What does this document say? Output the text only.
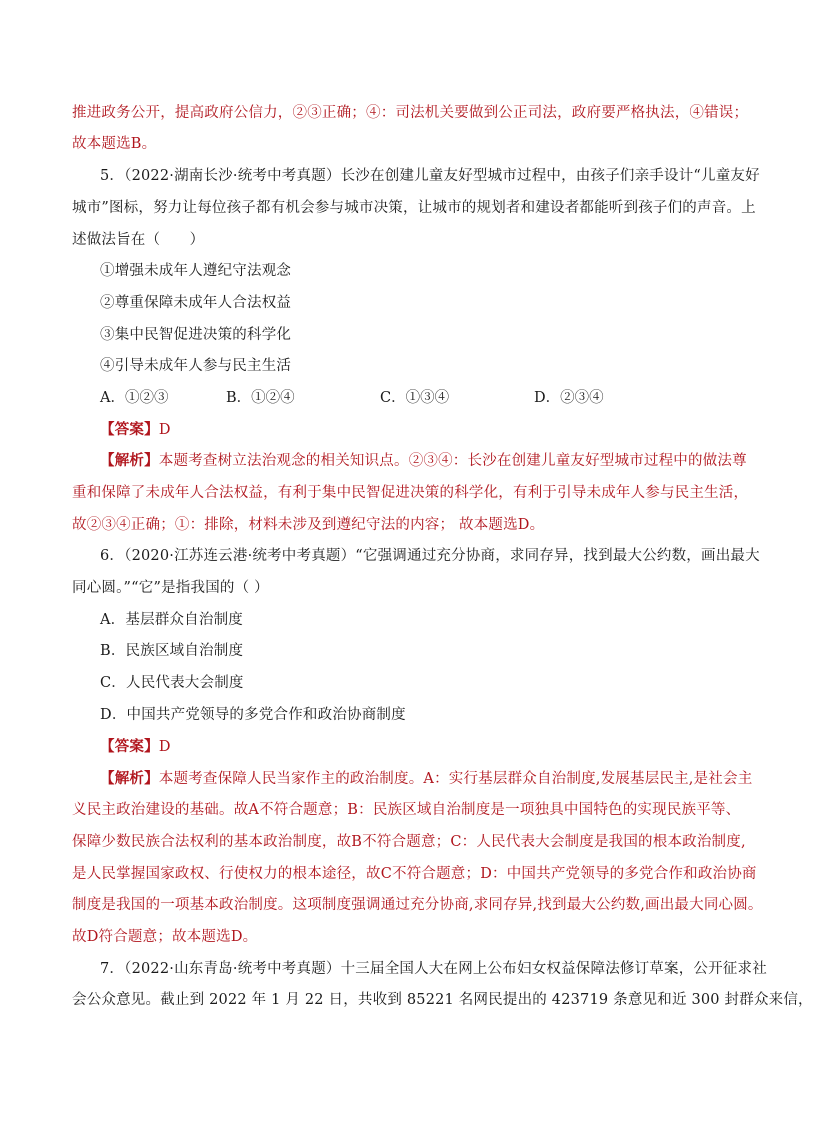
推进政务公开，提高政府公信力，②③正确；④：司法机关要做到公正司法，政府要严格执法，④错误；
故本题选B。
5．（2022·湖南长沙·统考中考真题）长沙在创建儿童友好型城市过程中，由孩子们亲手设计“儿童友好
城市”图标，努力让每位孩子都有机会参与城市决策，让城市的规划者和建设者都能听到孩子们的声音。上
述做法旨在（　　）
①增强未成年人遵纪守法观念
②尊重保障未成年人合法权益
③集中民智促进决策的科学化
④引导未成年人参与民主生活
A．①②③	B．①②④	C．①③④	D．②③④
【答案】D
【解析】本题考查树立法治观念的相关知识点。②③④：长沙在创建儿童友好型城市过程中的做法尊
重和保障了未成年人合法权益，有利于集中民智促进决策的科学化，有利于引导未成年人参与民主生活，
故②③④正确；①：排除，材料未涉及到遵纪守法的内容； 故本题选D。
6．（2020·江苏连云港·统考中考真题）“它强调通过充分协商，求同存异，找到最大公约数，画出最大
同心圆。”“它”是指我国的（ ）
A．基层群众自治制度
B．民族区域自治制度
C．人民代表大会制度
D．中国共产党领导的多党合作和政治协商制度
【答案】D
【解析】本题考查保障人民当家作主的政治制度。A：实行基层群众自治制度,发展基层民主,是社会主
义民主政治建设的基础。故A不符合题意；B：民族区域自治制度是一项独具中国特色的实现民族平等、
保障少数民族合法权利的基本政治制度，故B不符合题意；C：人民代表大会制度是我国的根本政治制度,
是人民掌握国家政权、行使权力的根本途径，故C不符合题意；D：中国共产党领导的多党合作和政治协商
制度是我国的一项基本政治制度。这项制度强调通过充分协商,求同存异,找到最大公约数,画出最大同心圆。
故D符合题意；故本题选D。
7．（2022·山东青岛·统考中考真题）十三届全国人大在网上公布妇女权益保障法修订草案，公开征求社
会公众意见。截止到 2022 年 1 月 22 日，共收到 85221 名网民提出的 423719 条意见和近 300 封群众来信，
